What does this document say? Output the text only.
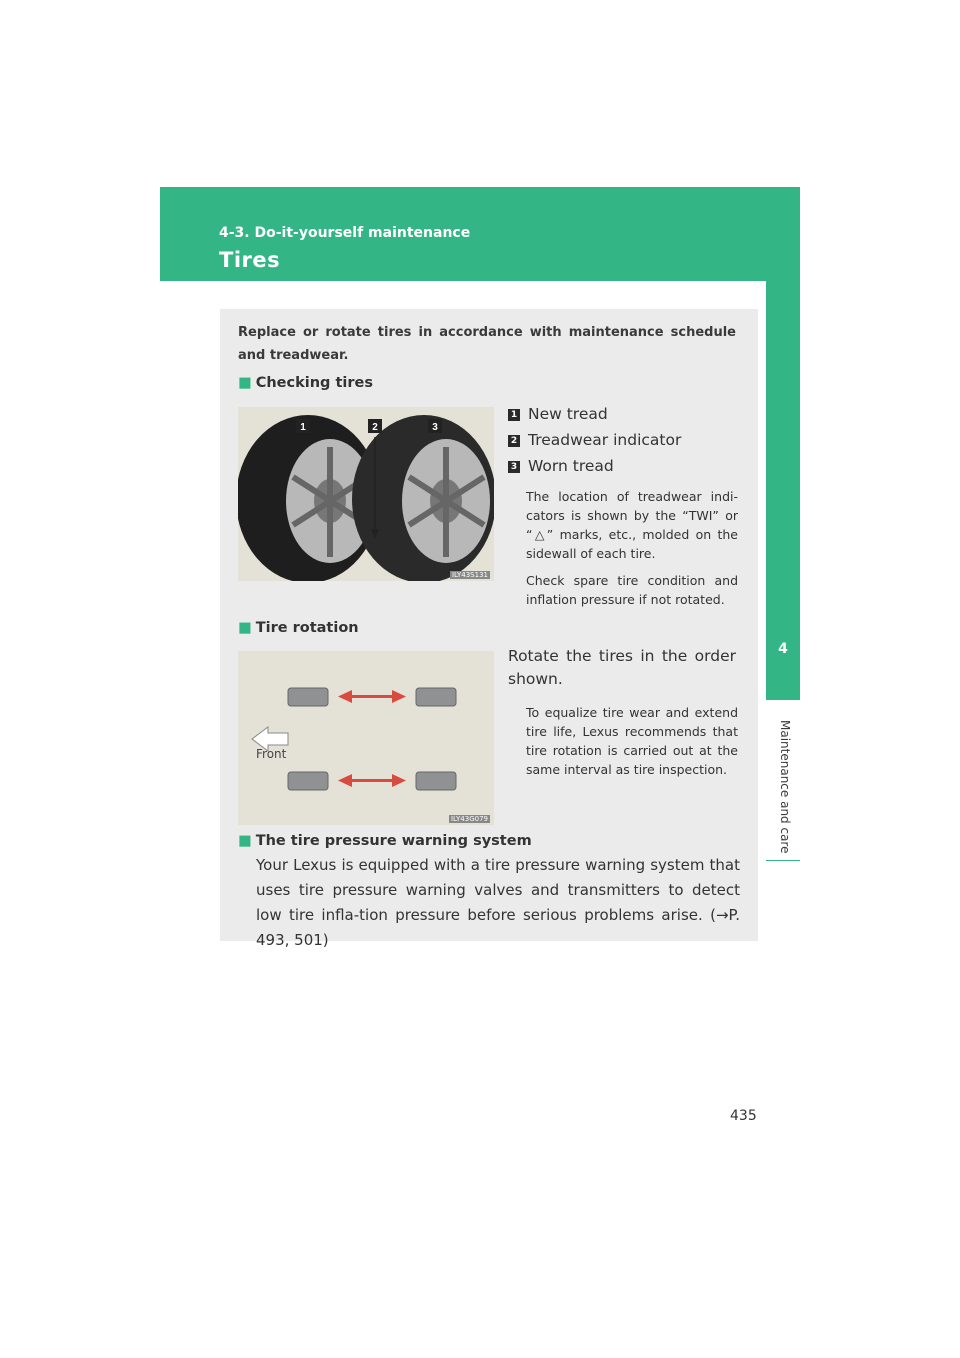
4-3. Do-it-yourself maintenance
Tires
4
Maintenance and care
Replace or rotate tires in accordance with maintenance schedule and treadwear.
■ Checking tires
1	2	3
ILY43S131
1 New tread
2 Treadwear indicator
3 Worn tread
The location of treadwear indi-cators is shown by the “TWI” or “△” marks, etc., molded on the sidewall of each tire.
Check spare tire condition and inflation pressure if not rotated.
■ Tire rotation
Front
ILY43G079
Rotate the tires in the order shown.
To equalize tire wear and extend tire life, Lexus recommends that tire rotation is carried out at the same interval as tire inspection.
■ The tire pressure warning system
Your Lexus is equipped with a tire pressure warning system that uses tire pressure warning valves and transmitters to detect low tire infla-tion pressure before serious problems arise. (→P. 493, 501)
435
